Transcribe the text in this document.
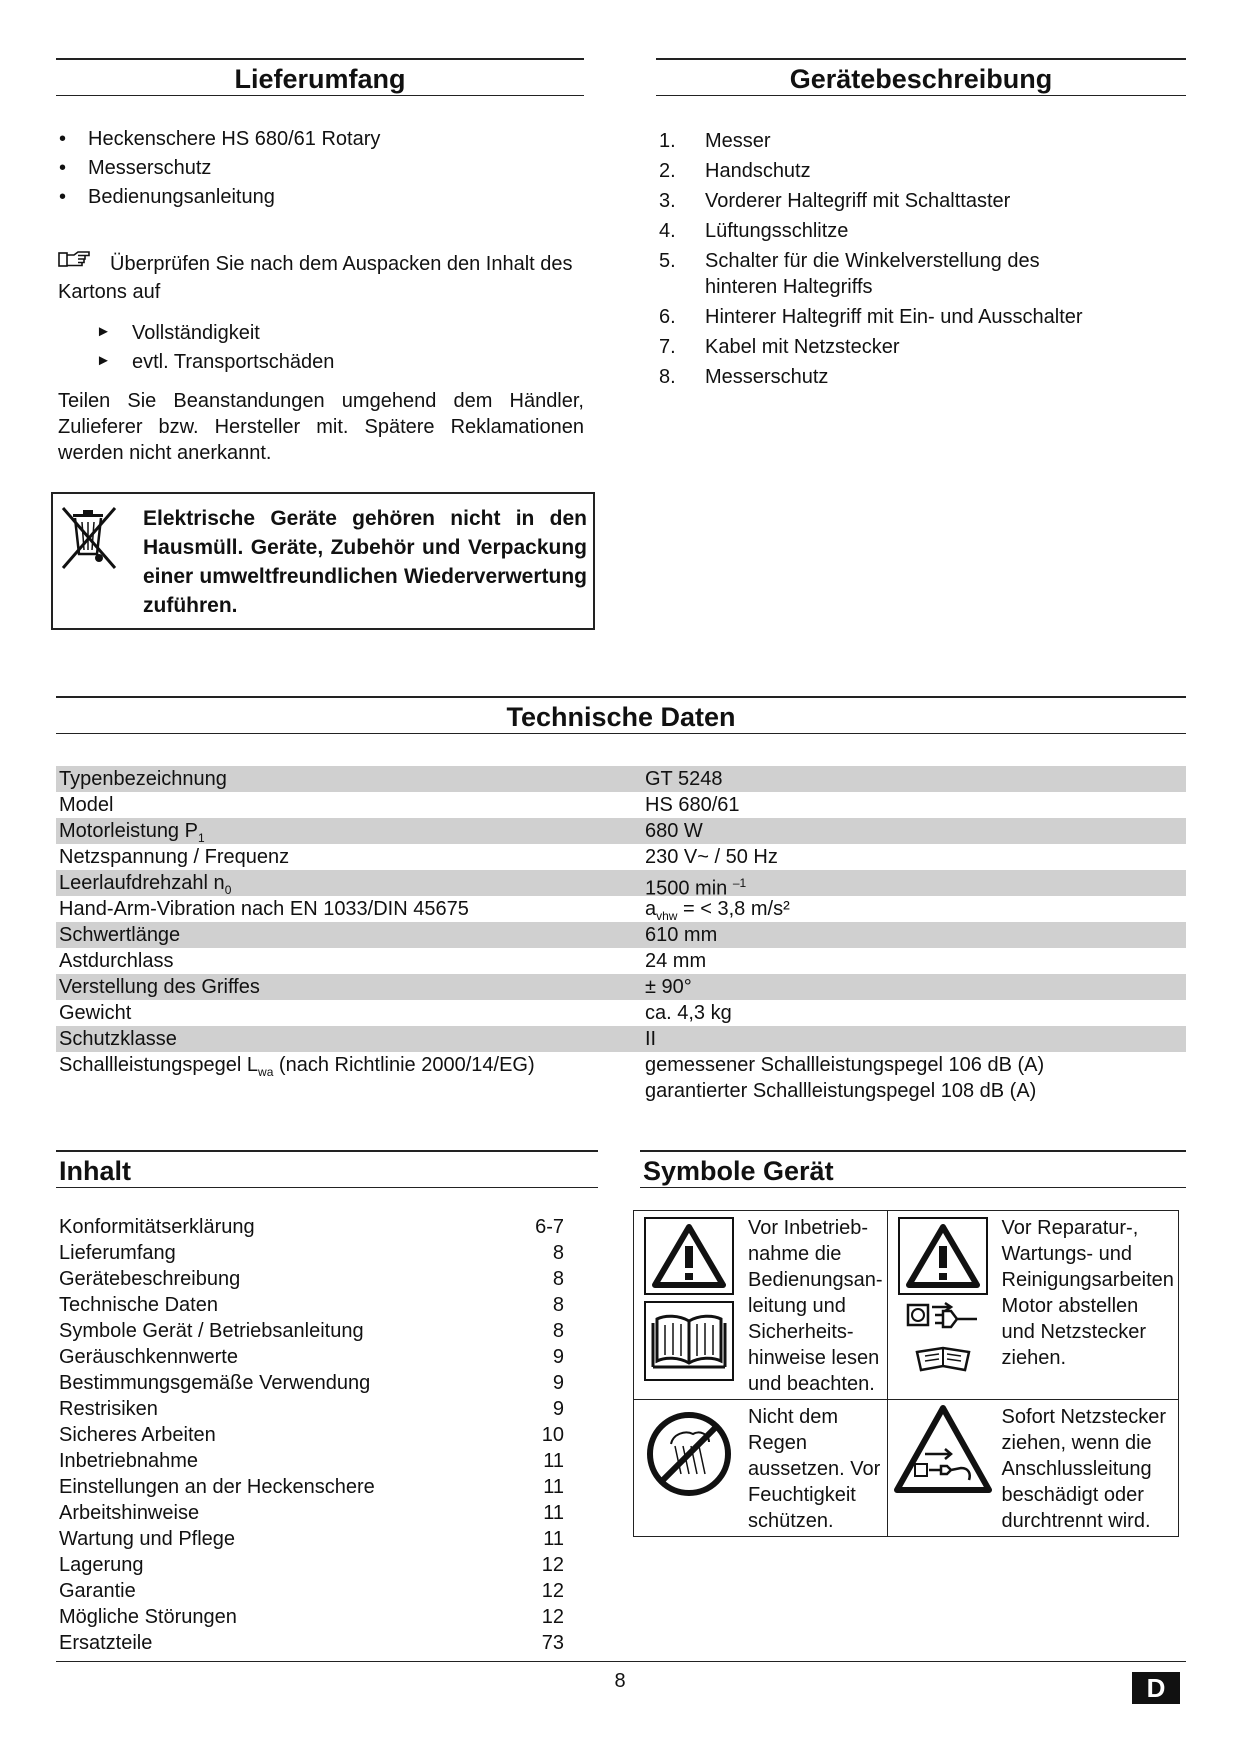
Lieferumfang
• Heckenschere HS 680/61 Rotary
• Messerschutz
• Bedienungsanleitung
Überprüfen Sie nach dem Auspacken den Inhalt des
Kartons auf
► Vollständigkeit
► evtl. Transportschäden
Teilen Sie Beanstandungen umgehend dem Händler, Zulieferer bzw. Hersteller mit. Spätere Reklamationen werden nicht anerkannt.
Elektrische Geräte gehören nicht in den Hausmüll. Geräte, Zubehör und Verpackung einer umweltfreundlichen Wiederverwertung zuführen.
Gerätebeschreibung
1.	Messer
2.	Handschutz
3.	Vorderer Haltegriff mit Schalttaster
4.	Lüftungsschlitze
5.	Schalter für die Winkelverstellung des hinteren Haltegriffs
6.	Hinterer Haltegriff mit Ein- und Ausschalter
7.	Kabel mit Netzstecker
8.	Messerschutz
Technische Daten
Typenbezeichnung	GT 5248
Model	HS 680/61
Motorleistung $P_1$	680 W
Netzspannung / Frequenz	230 V~ / 50 Hz
Leerlaufdrehzahl $n_0$	1500 min $^{-1}$
Hand-Arm-Vibration nach EN 1033/DIN 45675	$a_{vhw}$ = < 3,8 m/s²
Schwertlänge	610 mm
Astdurchlass	24 mm
Verstellung des Griffes	± 90°
Gewicht	ca. 4,3 kg
Schutzklasse	II
Schallleistungspegel $L_{wa}$ (nach Richtlinie 2000/14/EG)	gemessener Schallleistungspegel 106 dB (A)
garantierter Schallleistungspegel 108 dB (A)
Inhalt
Konformitätserklärung	6-7
Lieferumfang	8
Gerätebeschreibung	8
Technische Daten	8
Symbole Gerät / Betriebsanleitung	8
Geräuschkennwerte	9
Bestimmungsgemäße Verwendung	9
Restrisiken	9
Sicheres Arbeiten	10
Inbetriebnahme	11
Einstellungen an der Heckenschere	11
Arbeitshinweise	11
Wartung und Pflege	11
Lagerung	12
Garantie	12
Mögliche Störungen	12
Ersatzteile	73
Symbole Gerät
Vor Inbetrieb-nahme die Bedienungsan-leitung und Sicherheits-hinweise lesen und beachten.	Vor Reparatur-, Wartungs- und Reinigungsarbeiten Motor abstellen und Netzstecker ziehen.

Nicht dem Regen aussetzen. Vor Feuchtigkeit schützen.	Sofort Netzstecker ziehen, wenn die Anschlussleitung beschädigt oder durchtrennt wird.
8	D
